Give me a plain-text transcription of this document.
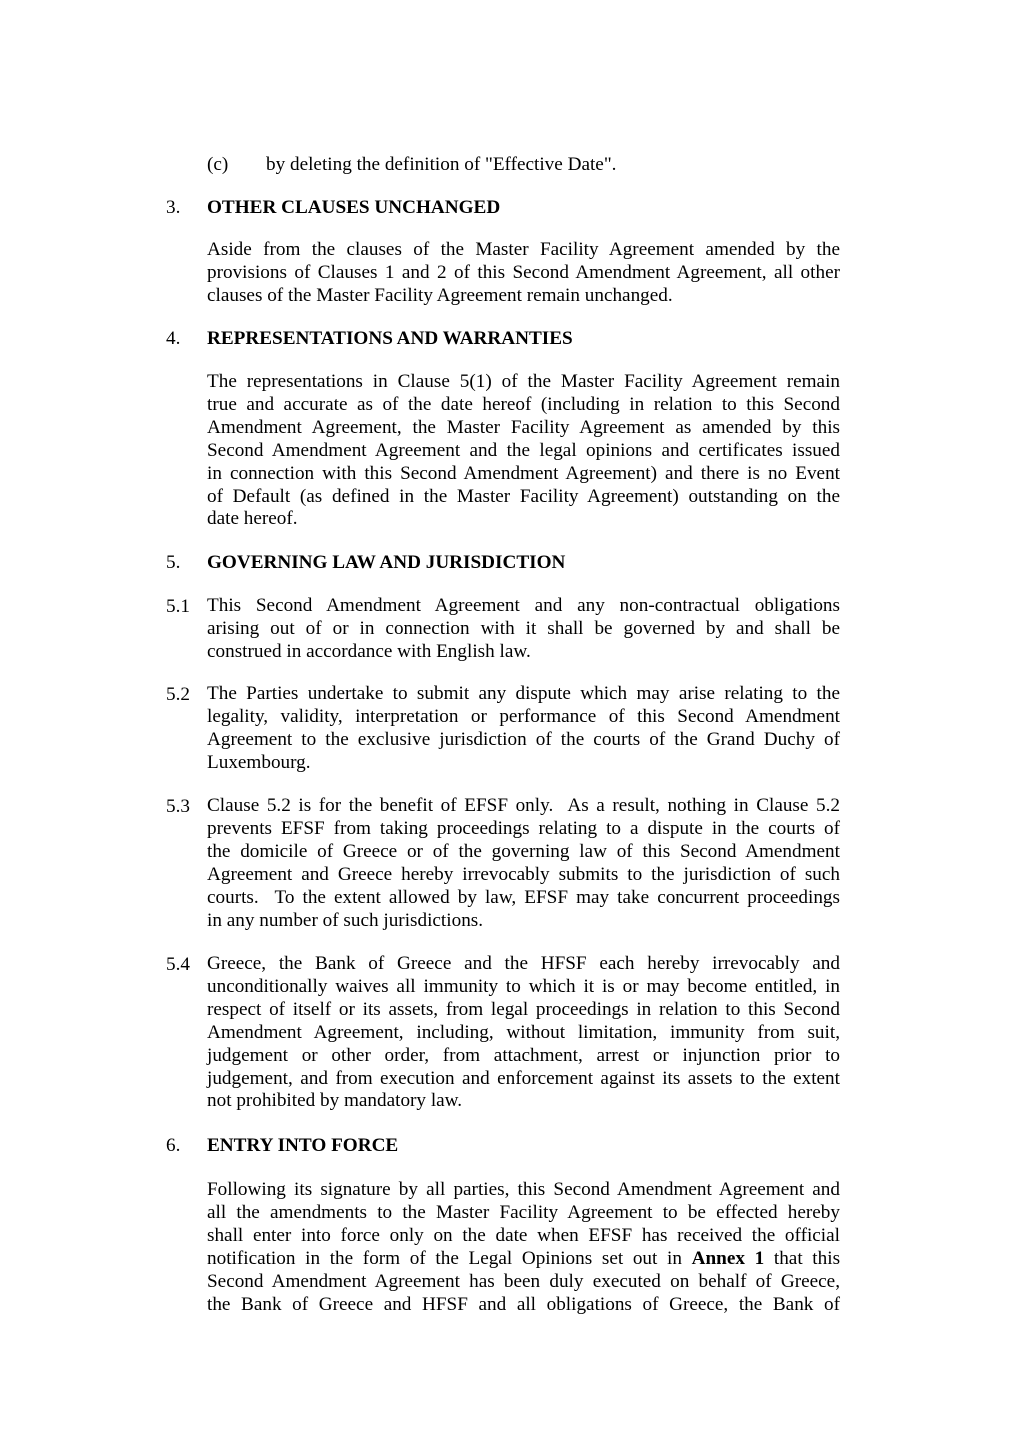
(c) by deleting the definition of "Effective Date".
3. OTHER CLAUSES UNCHANGED
Aside from the clauses of the Master Facility Agreement amended by the
provisions of Clauses 1 and 2 of this Second Amendment Agreement, all other
clauses of the Master Facility Agreement remain unchanged.
4. REPRESENTATIONS AND WARRANTIES
The representations in Clause 5(1) of the Master Facility Agreement remain
true and accurate as of the date hereof (including in relation to this Second
Amendment Agreement, the Master Facility Agreement as amended by this
Second Amendment Agreement and the legal opinions and certificates issued
in connection with this Second Amendment Agreement) and there is no Event
of Default (as defined in the Master Facility Agreement) outstanding on the
date hereof.
5. GOVERNING LAW AND JURISDICTION
5.1 This Second Amendment Agreement and any non-contractual obligations
arising out of or in connection with it shall be governed by and shall be
construed in accordance with English law.
5.2 The Parties undertake to submit any dispute which may arise relating to the
legality, validity, interpretation or performance of this Second Amendment
Agreement to the exclusive jurisdiction of the courts of the Grand Duchy of
Luxembourg.
5.3 Clause 5.2 is for the benefit of EFSF only.  As a result, nothing in Clause 5.2
prevents EFSF from taking proceedings relating to a dispute in the courts of
the domicile of Greece or of the governing law of this Second Amendment
Agreement and Greece hereby irrevocably submits to the jurisdiction of such
courts.  To the extent allowed by law, EFSF may take concurrent proceedings
in any number of such jurisdictions.
5.4 Greece, the Bank of Greece and the HFSF each hereby irrevocably and
unconditionally waives all immunity to which it is or may become entitled, in
respect of itself or its assets, from legal proceedings in relation to this Second
Amendment Agreement, including, without limitation, immunity from suit,
judgement or other order, from attachment, arrest or injunction prior to
judgement, and from execution and enforcement against its assets to the extent
not prohibited by mandatory law.
6. ENTRY INTO FORCE
Following its signature by all parties, this Second Amendment Agreement and
all the amendments to the Master Facility Agreement to be effected hereby
shall enter into force only on the date when EFSF has received the official
notification in the form of the Legal Opinions set out in Annex 1 that this
Second Amendment Agreement has been duly executed on behalf of Greece,
the Bank of Greece and HFSF and all obligations of Greece, the Bank of
